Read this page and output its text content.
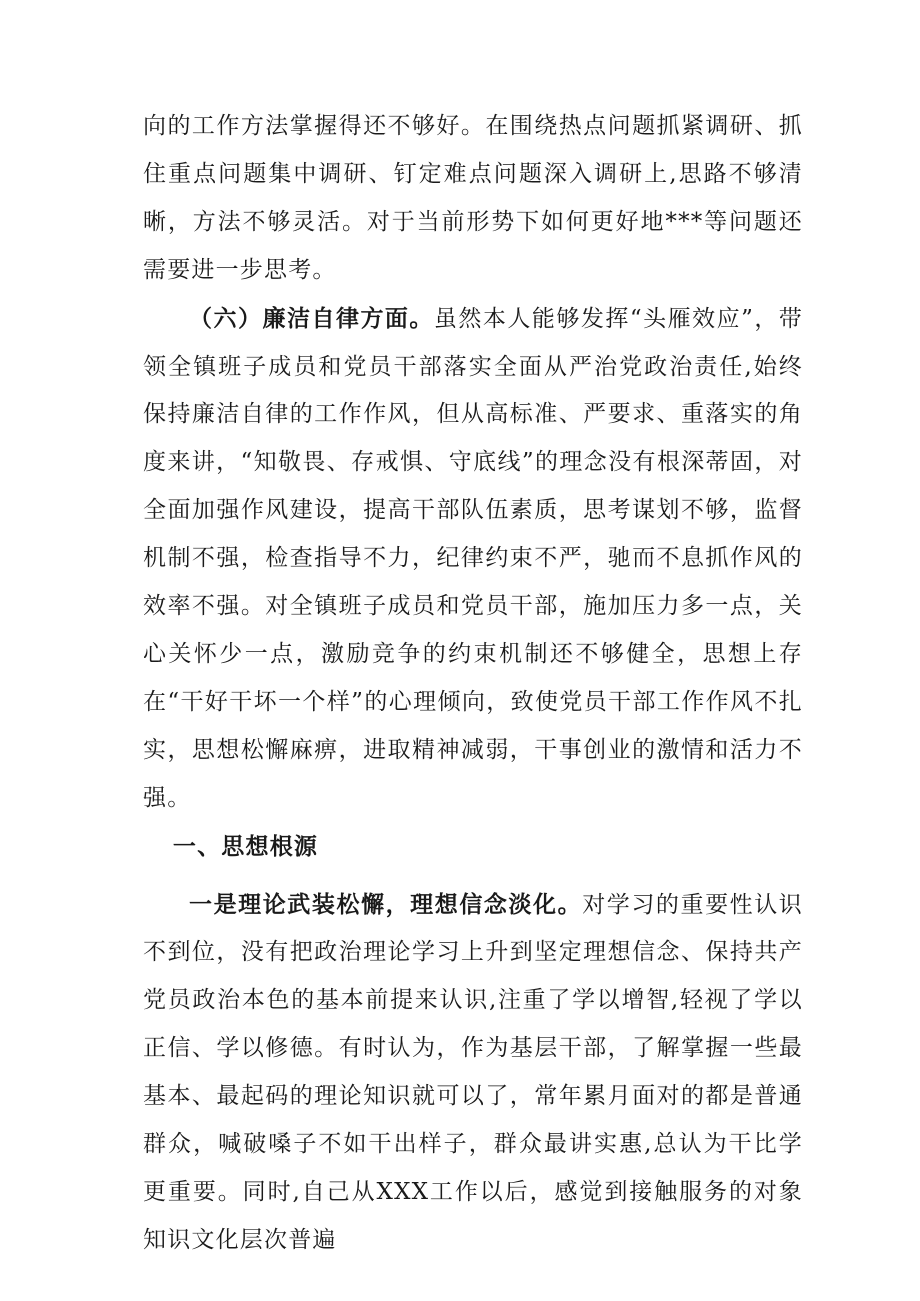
向的工作方法掌握得还不够好。在围绕热点问题抓紧调研、抓住重点问题集中调研、钉定难点问题深入调研上,思路不够清晰，方法不够灵活。对于当前形势下如何更好地***等问题还需要进一步思考。

（六）廉洁自律方面。虽然本人能够发挥“头雁效应”，带领全镇班子成员和党员干部落实全面从严治党政治责任,始终保持廉洁自律的工作作风，但从高标准、严要求、重落实的角度来讲，“知敬畏、存戒惧、守底线”的理念没有根深蒂固，对全面加强作风建设，提高干部队伍素质，思考谋划不够，监督机制不强，检查指导不力，纪律约束不严，驰而不息抓作风的效率不强。对全镇班子成员和党员干部，施加压力多一点，关心关怀少一点，激励竞争的约束机制还不够健全，思想上存在“干好干坏一个样”的心理倾向，致使党员干部工作作风不扎实，思想松懈麻痹，进取精神减弱，干事创业的激情和活力不强。

一、思想根源

一是理论武装松懈，理想信念淡化。对学习的重要性认识不到位，没有把政治理论学习上升到坚定理想信念、保持共产党员政治本色的基本前提来认识,注重了学以增智,轻视了学以正信、学以修德。有时认为，作为基层干部，了解掌握一些最基本、最起码的理论知识就可以了，常年累月面对的都是普通群众，喊破嗓子不如干出样子，群众最讲实惠,总认为干比学更重要。同时,自己从XXX工作以后，感觉到接触服务的对象知识文化层次普遍
